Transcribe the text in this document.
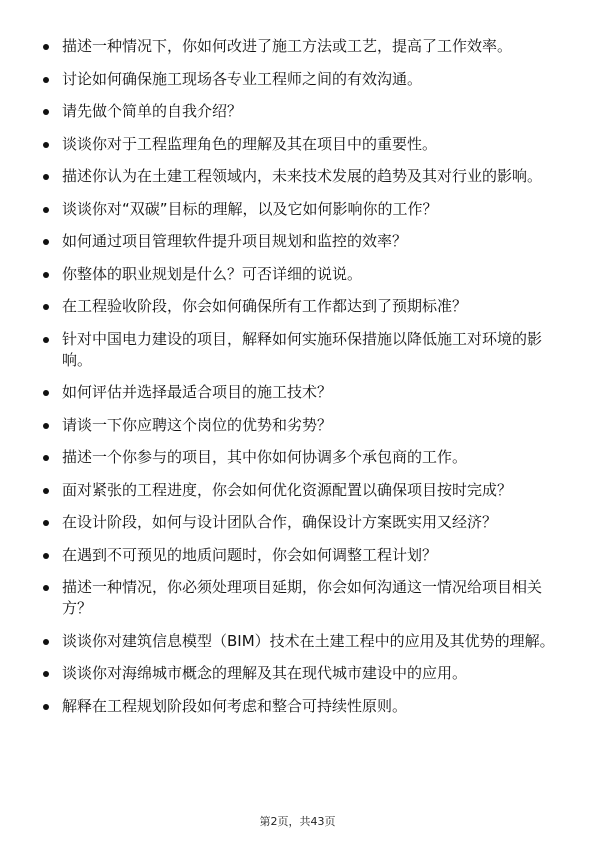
描述一种情况下，你如何改进了施工方法或工艺，提高了工作效率。
讨论如何确保施工现场各专业工程师之间的有效沟通。
请先做个简单的自我介绍？
谈谈你对于工程监理角色的理解及其在项目中的重要性。
描述你认为在土建工程领域内，未来技术发展的趋势及其对行业的影响。
谈谈你对“双碳”目标的理解，以及它如何影响你的工作？
如何通过项目管理软件提升项目规划和监控的效率？
你整体的职业规划是什么？可否详细的说说。
在工程验收阶段，你会如何确保所有工作都达到了预期标准？
针对中国电力建设的项目，解释如何实施环保措施以降低施工对环境的影响。
如何评估并选择最适合项目的施工技术？
请谈一下你应聘这个岗位的优势和劣势？
描述一个你参与的项目，其中你如何协调多个承包商的工作。
面对紧张的工程进度，你会如何优化资源配置以确保项目按时完成？
在设计阶段，如何与设计团队合作，确保设计方案既实用又经济？
在遇到不可预见的地质问题时，你会如何调整工程计划？
描述一种情况，你必须处理项目延期，你会如何沟通这一情况给项目相关方？
谈谈你对建筑信息模型（BIM）技术在土建工程中的应用及其优势的理解。
谈谈你对海绵城市概念的理解及其在现代城市建设中的应用。
解释在工程规划阶段如何考虑和整合可持续性原则。
第2页，共43页
